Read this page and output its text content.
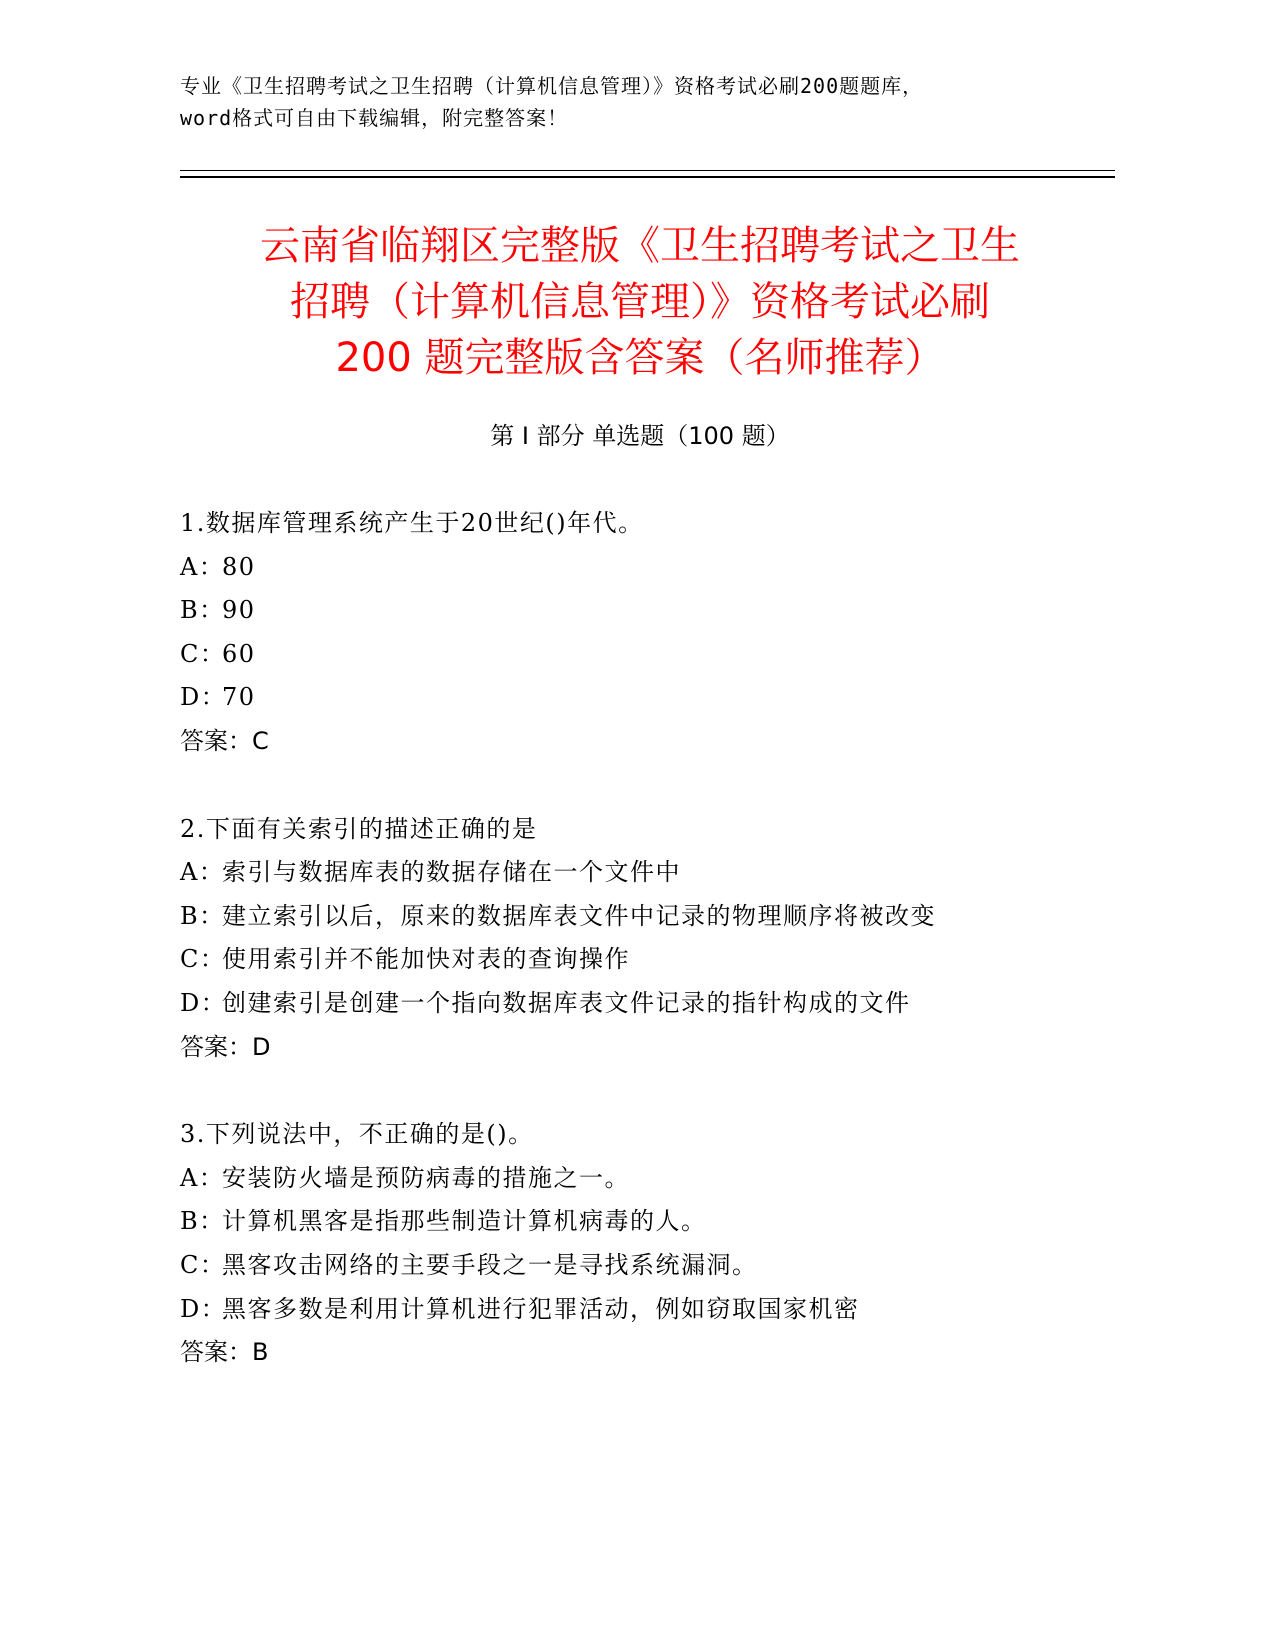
专业《卫生招聘考试之卫生招聘（计算机信息管理）》资格考试必刷200题题库，
word格式可自由下载编辑，附完整答案！
云南省临翔区完整版《卫生招聘考试之卫生
招聘（计算机信息管理）》资格考试必刷
200 题完整版含答案（名师推荐）
第 I 部分 单选题（100 题）
1.数据库管理系统产生于20世纪()年代。
A：80
B：90
C：60
D：70
答案：C
2.下面有关索引的描述正确的是
A：索引与数据库表的数据存储在一个文件中
B：建立索引以后，原来的数据库表文件中记录的物理顺序将被改变
C：使用索引并不能加快对表的查询操作
D：创建索引是创建一个指向数据库表文件记录的指针构成的文件
答案：D
3.下列说法中，不正确的是()。
A：安装防火墙是预防病毒的措施之一。
B：计算机黑客是指那些制造计算机病毒的人。
C：黑客攻击网络的主要手段之一是寻找系统漏洞。
D：黑客多数是利用计算机进行犯罪活动，例如窃取国家机密
答案：B
